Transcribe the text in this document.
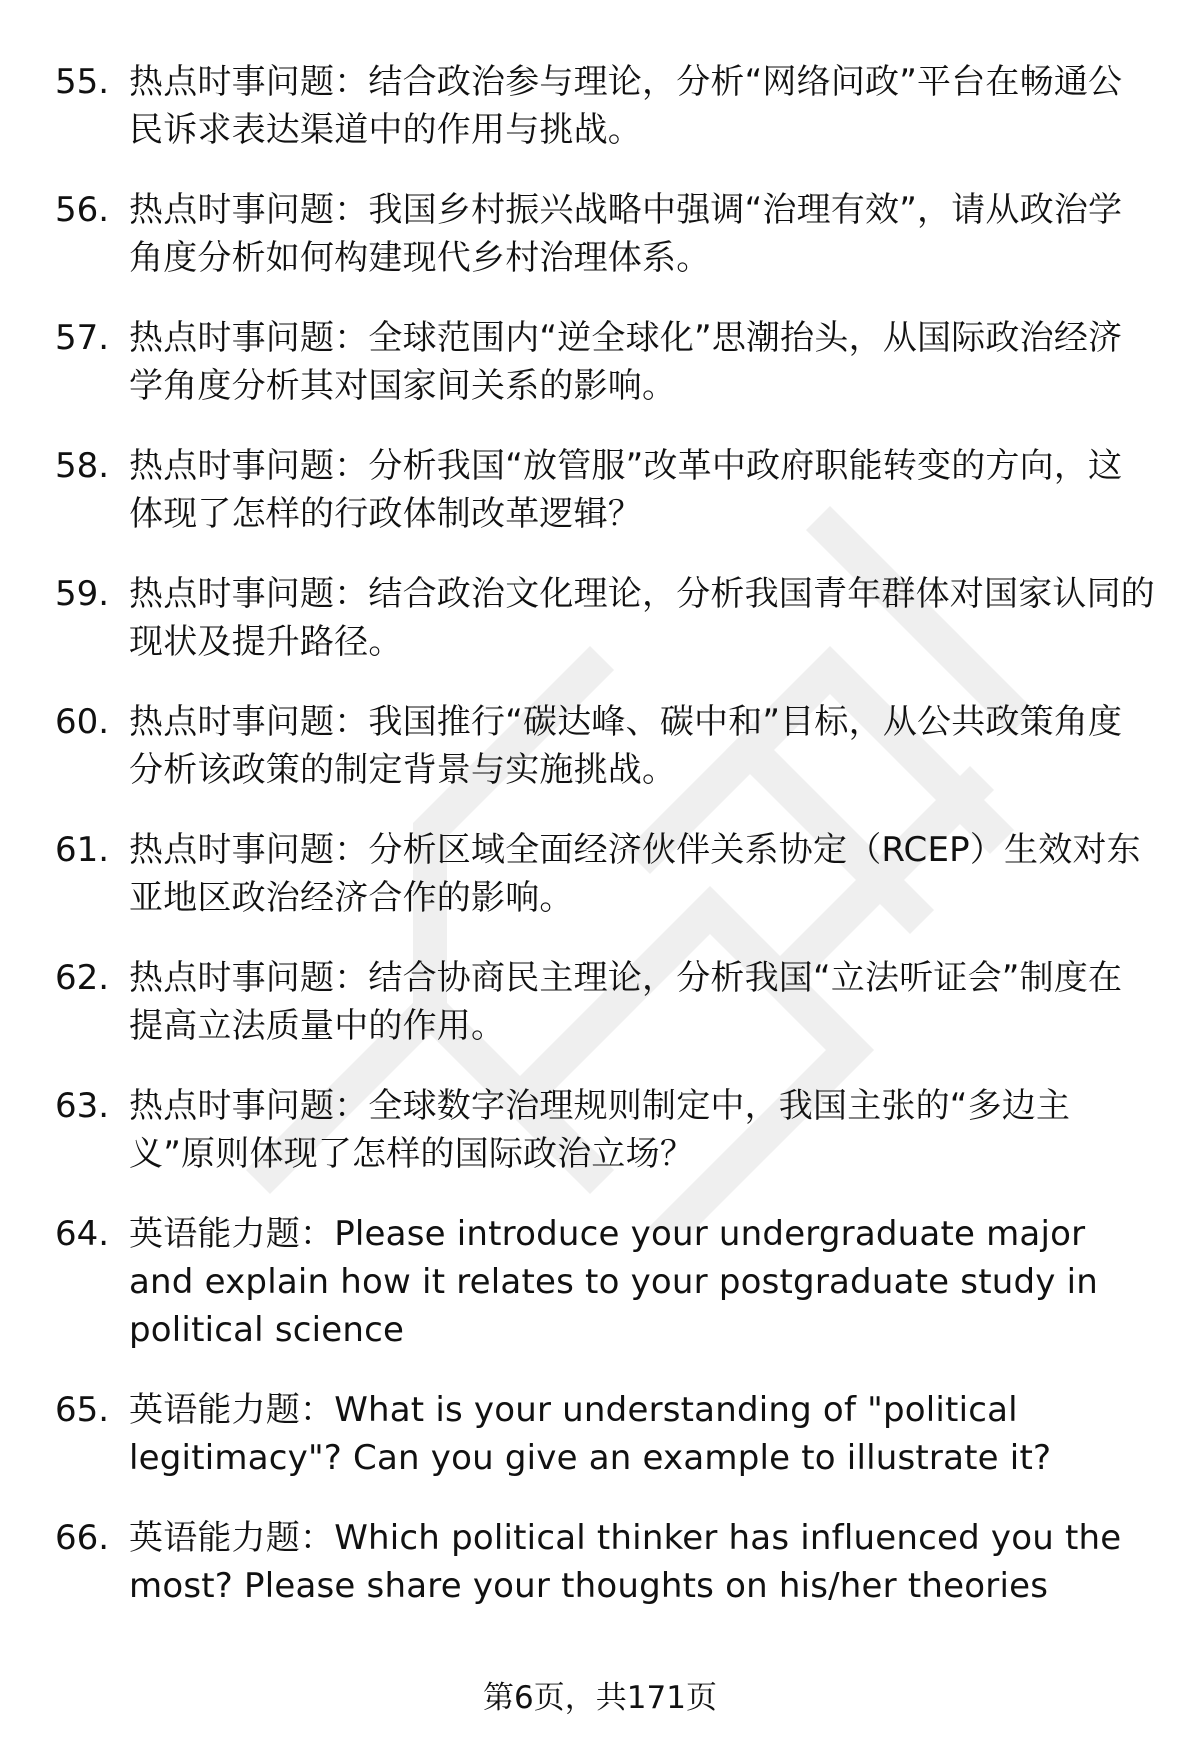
55. 热点时事问题：结合政治参与理论，分析“网络问政”平台在畅通公民诉求表达渠道中的作用与挑战。
56. 热点时事问题：我国乡村振兴战略中强调“治理有效”，请从政治学角度分析如何构建现代乡村治理体系。
57. 热点时事问题：全球范围内“逆全球化”思潮抬头，从国际政治经济学角度分析其对国家间关系的影响。
58. 热点时事问题：分析我国“放管服”改革中政府职能转变的方向，这体现了怎样的行政体制改革逻辑？
59. 热点时事问题：结合政治文化理论，分析我国青年群体对国家认同的现状及提升路径。
60. 热点时事问题：我国推行“碳达峰、碳中和”目标，从公共政策角度分析该政策的制定背景与实施挑战。
61. 热点时事问题：分析区域全面经济伙伴关系协定（RCEP）生效对东亚地区政治经济合作的影响。
62. 热点时事问题：结合协商民主理论，分析我国“立法听证会”制度在提高立法质量中的作用。
63. 热点时事问题：全球数字治理规则制定中，我国主张的“多边主义”原则体现了怎样的国际政治立场？
64. 英语能力题：Please introduce your undergraduate major and explain how it relates to your postgraduate study in political science
65. 英语能力题：What is your understanding of "political legitimacy"? Can you give an example to illustrate it?
66. 英语能力题：Which political thinker has influenced you the most? Please share your thoughts on his/her theories
第6页，共171页
